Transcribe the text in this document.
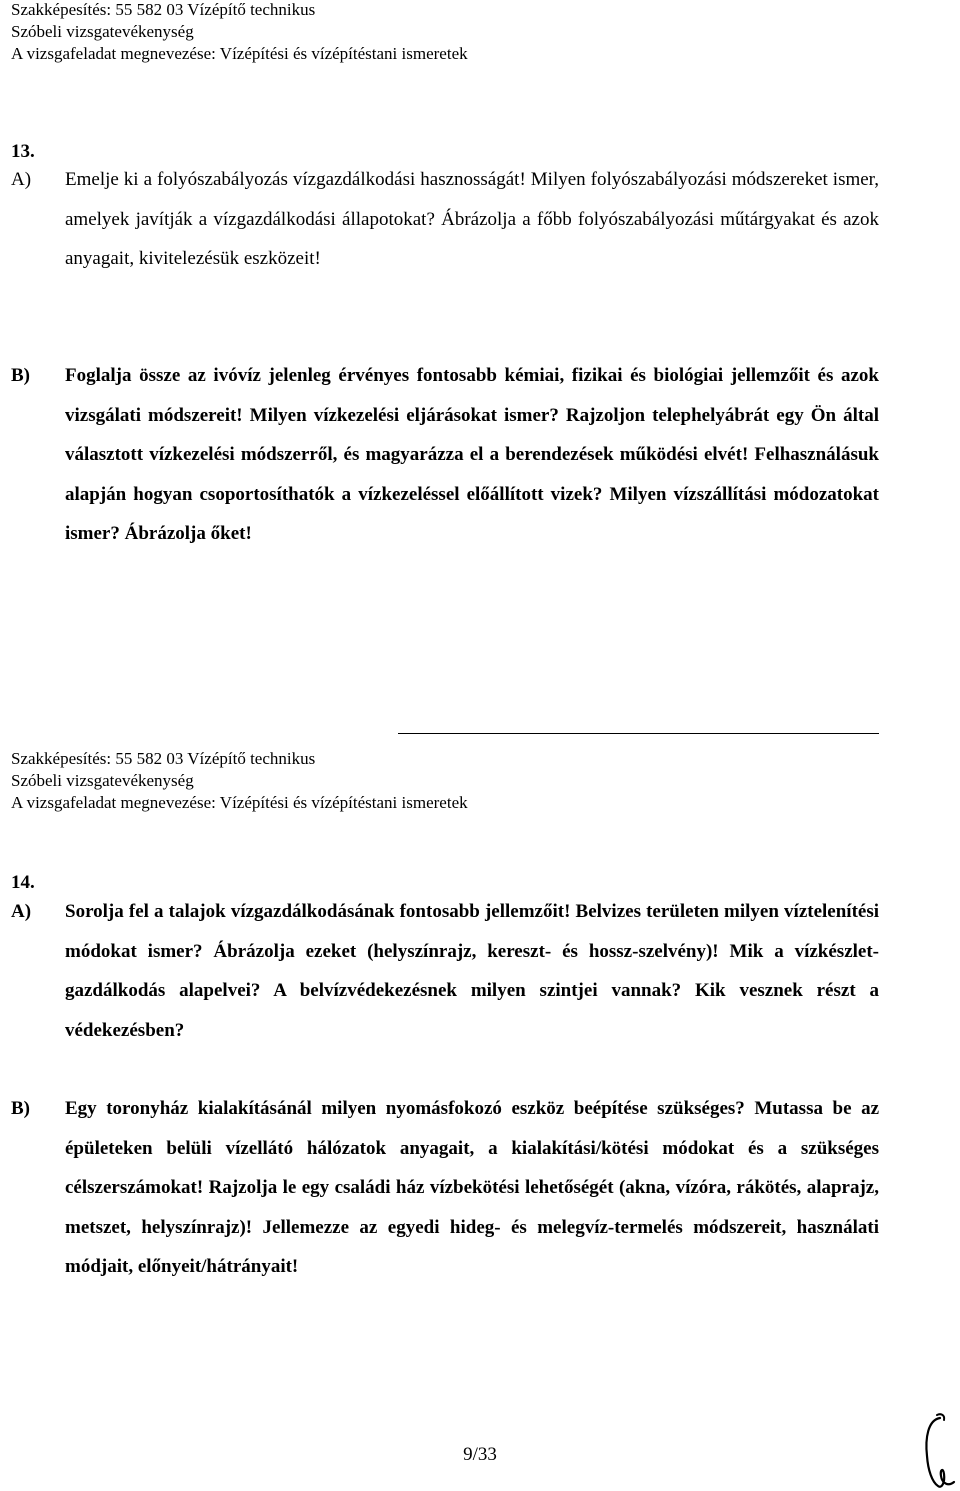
Szakképesítés: 55 582 03 Vízépítő technikus
Szóbeli vizsgatevékenység
A vizsgafeladat megnevezése: Vízépítési és vízépítéstani ismeretek
13.
A) Emelje ki a folyószabályozás vízgazdálkodási hasznosságát! Milyen folyószabályozási módszereket ismer, amelyek javítják a vízgazdálkodási állapotokat? Ábrázolja a főbb folyószabályozási műtárgyakat és azok anyagait, kivitelezésük eszközeit!
B) Foglalja össze az ivóvíz jelenleg érvényes fontosabb kémiai, fizikai és biológiai jellemzőit és azok vizsgálati módszereit! Milyen vízkezelési eljárásokat ismer? Rajzoljon telephelyábrát egy Ön által választott vízkezelési módszerről, és magyarázza el a berendezések működési elvét! Felhasználásuk alapján hogyan csoportosíthatók a vízkezeléssel előállított vizek? Milyen vízszállítási módozatokat ismer? Ábrázolja őket!
Szakképesítés: 55 582 03 Vízépítő technikus
Szóbeli vizsgatevékenység
A vizsgafeladat megnevezése: Vízépítési és vízépítéstani ismeretek
14.
A) Sorolja fel a talajok vízgazdálkodásának fontosabb jellemzőit! Belvizes területen milyen víztelenítési módokat ismer? Ábrázolja ezeket (helyszínrajz, kereszt- és hossz-szelvény)! Mik a vízkészlet-gazdálkodás alapelvei? A belvízvédekezésnek milyen szintjei vannak? Kik vesznek részt a védekezésben?
B) Egy toronyház kialakításánál milyen nyomásfokozó eszköz beépítése szükséges? Mutassa be az épületeken belüli vízellátó hálózatok anyagait, a kialakítási/kötési módokat és a szükséges célszerszámokat! Rajzolja le egy családi ház vízbekötési lehetőségét (akna, vízóra, rákötés, alaprajz, metszet, helyszínrajz)! Jellemezze az egyedi hideg- és melegvíz-termelés módszereit, használati módjait, előnyeit/hátrányait!
9/33
